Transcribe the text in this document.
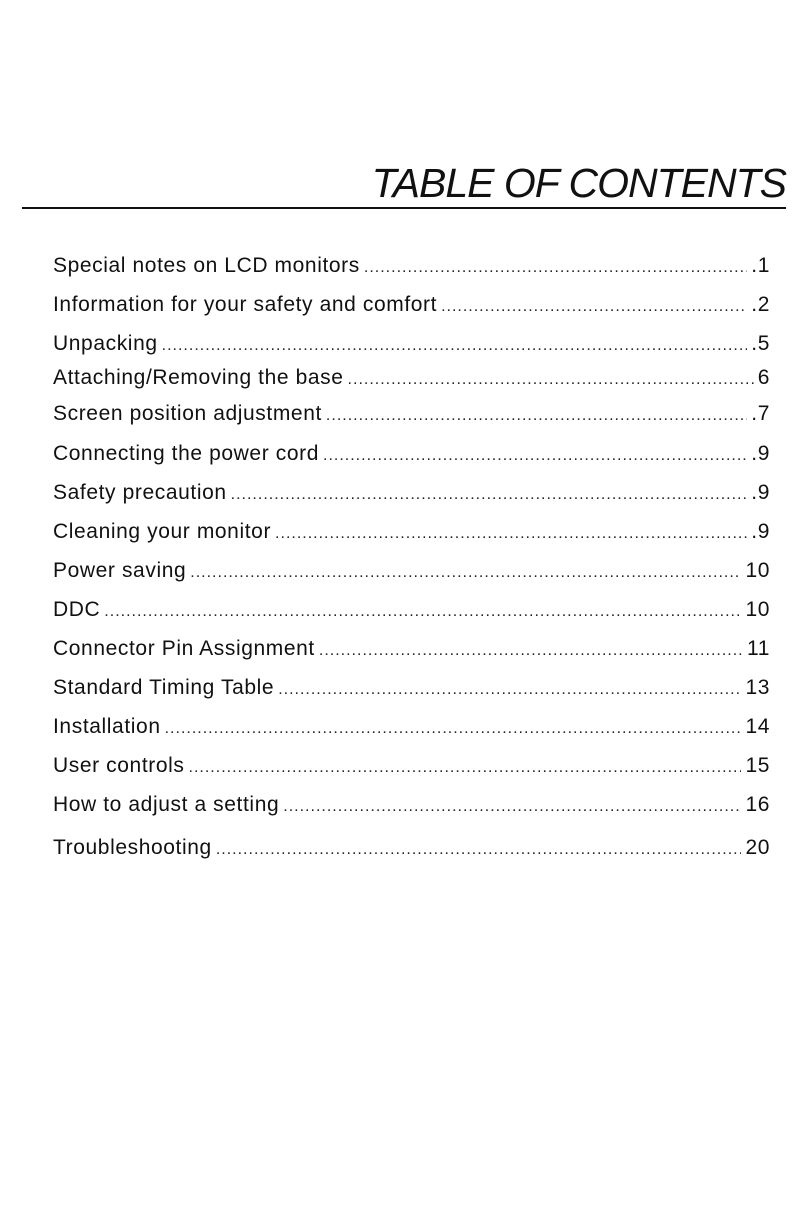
TABLE OF CONTENTS
Special notes on LCD monitors .....	.1
Information for your safety and comfort .....	.2
Unpacking .....	.5
Attaching/Removing the base .....	6
Screen position adjustment .....	.7
Connecting the power cord .....	.9
Safety precaution .....	.9
Cleaning your monitor .....	.9
Power saving .....	10
DDC .....	10
Connector Pin Assignment .....	11
Standard Timing Table .....	13
Installation .....	14
User controls .....	15
How to adjust a setting .....	16
Troubleshooting .....	20
